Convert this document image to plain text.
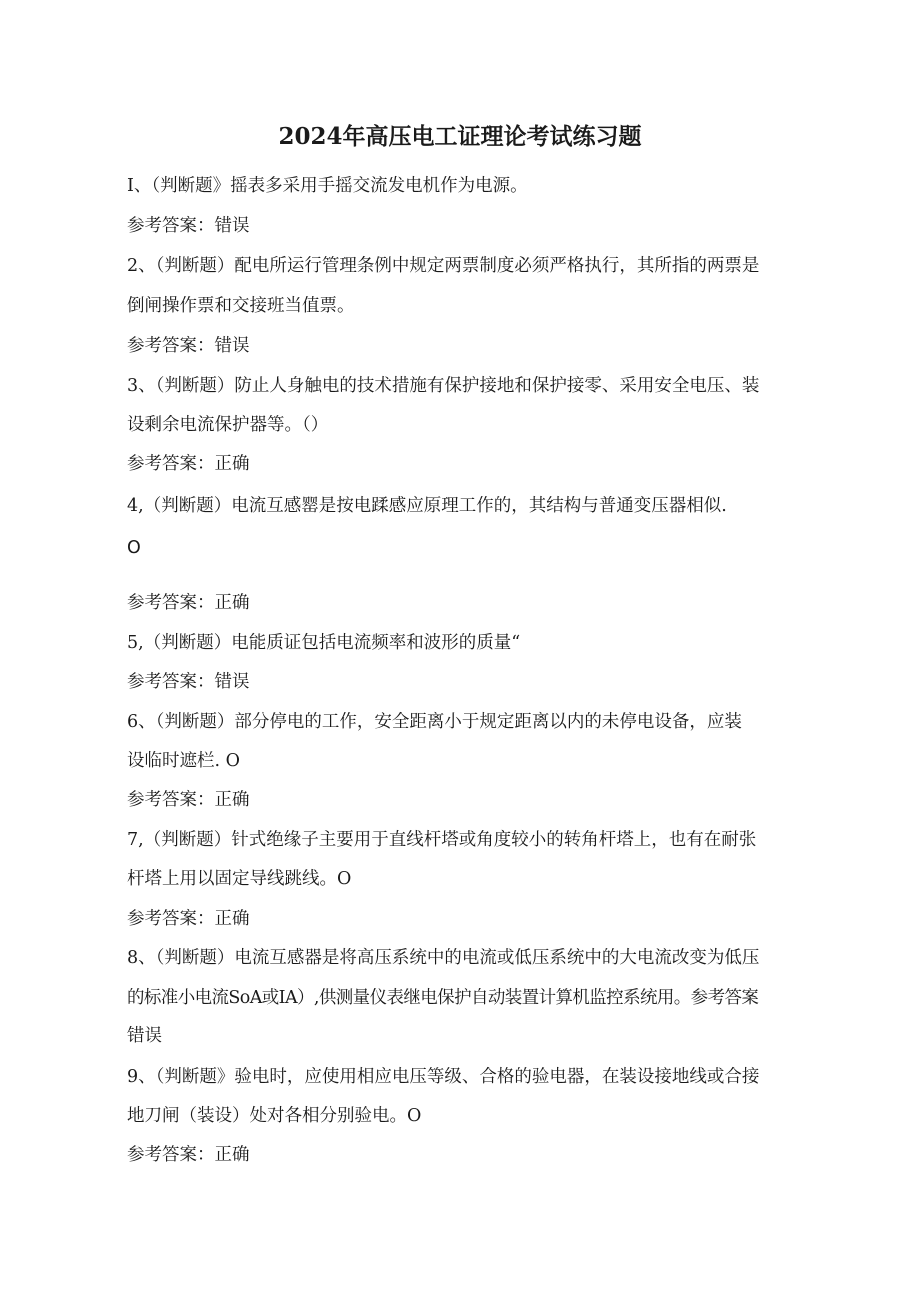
2024年高压电工证理论考试练习题
I、（判断题》摇表多采用手摇交流发电机作为电源。
参考答案：错误
2、（判断题）配电所运行管理条例中规定两票制度必须严格执行，其所指的两票是
倒闸操作票和交接班当值票。
参考答案：错误
3、（判断题）防止人身触电的技术措施有保护接地和保护接零、采用安全电压、装
设剩余电流保护器等。（）
参考答案：正确
4,（判断题）电流互感罂是按电蹂感应原理工作的，其结构与普通变压器相似.
O
参考答案：正确
5,（判断题）电能质证包括电流频率和波形的质量“
参考答案：错误
6、（判断题）部分停电的工作，安全距离小于规定距离以内的未停电设备，应装
设临时遮栏. O
参考答案：正确
7,（判断题）针式绝缘子主要用于直线杆塔或角度较小的转角杆塔上，也有在耐张
杆塔上用以固定导线跳线。O
参考答案：正确
8、（判断题）电流互感器是将高压系统中的电流或低压系统中的大电流改变为低压
的标准小电流SoA或IA）,供测量仪表继电保护自动装置计算机监控系统用。参考答案
错误
9、（判断题》验电时，应使用相应电压等级、合格的验电器，在装设接地线或合接
地刀闸（装设）处对各相分别验电。O
参考答案：正确
